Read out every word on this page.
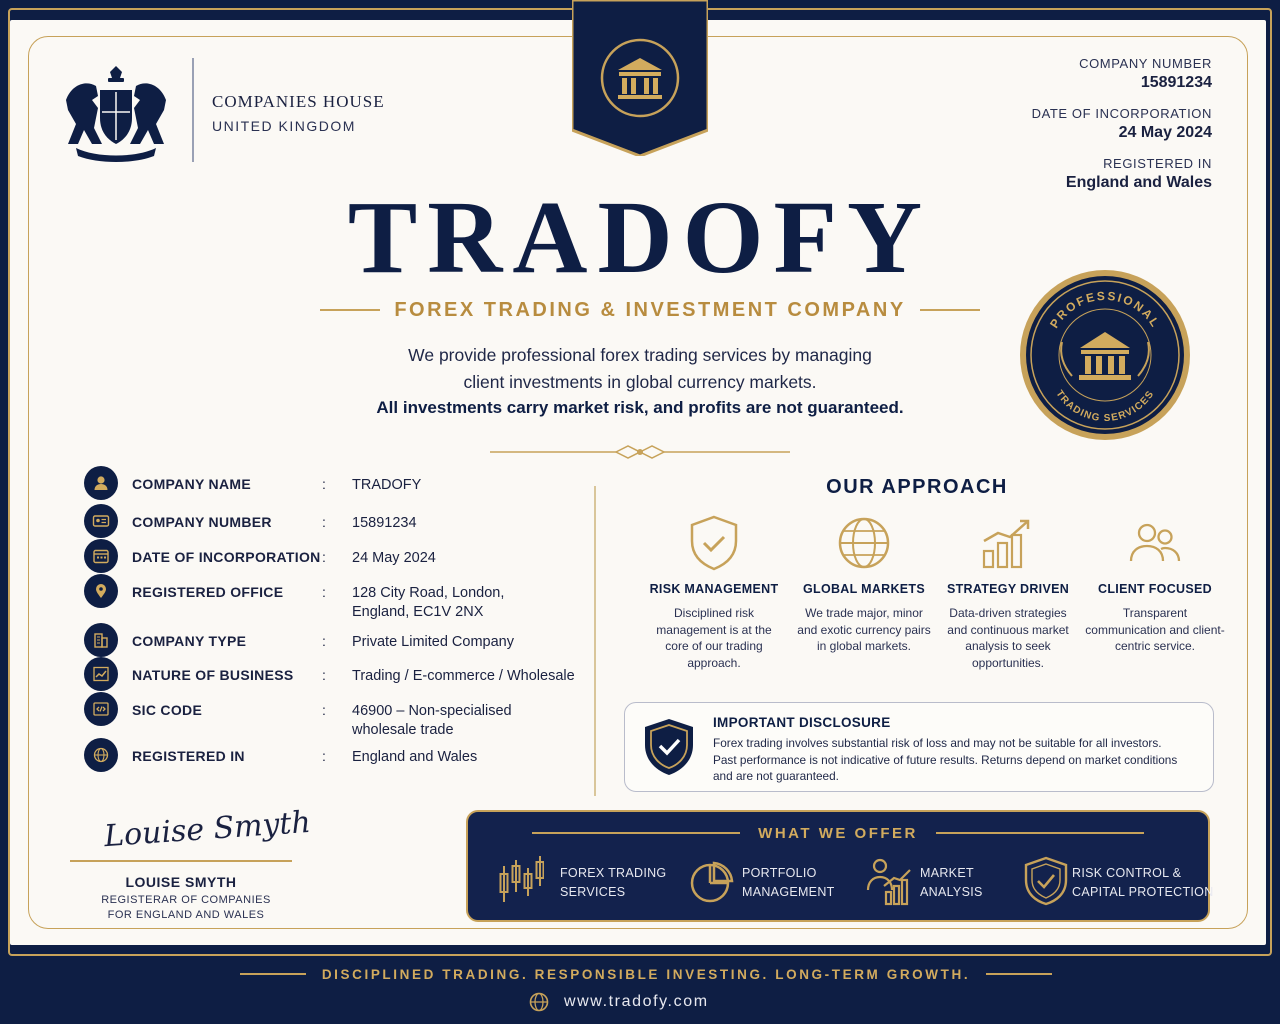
COMPANIES HOUSE
UNITED KINGDOM
COMPANY NUMBER
15891234
DATE OF INCORPORATION
24 May 2024
REGISTERED IN
England and Wales
TRADOFY
FOREX TRADING & INVESTMENT COMPANY
We provide professional forex trading services by managing
client investments in global currency markets.
All investments carry market risk, and profits are not guaranteed.
PROFESSIONAL
TRADING SERVICES
COMPANY NAME	: TRADOFY
COMPANY NUMBER	: 15891234
DATE OF INCORPORATION : 24 May 2024
REGISTERED OFFICE	: 128 City Road, London, England, EC1V 2NX
COMPANY TYPE	: Private Limited Company
NATURE OF BUSINESS : Trading / E-commerce / Wholesale
SIC CODE	: 46900 – Non-specialised wholesale trade
REGISTERED IN	: England and Wales
OUR APPROACH
RISK MANAGEMENT
Disciplined risk management is at the core of our trading approach.
GLOBAL MARKETS
We trade major, minor and exotic currency pairs in global markets.
STRATEGY DRIVEN
Data-driven strategies and continuous market analysis to seek opportunities.
CLIENT FOCUSED
Transparent communication and client-centric service.
IMPORTANT DISCLOSURE
Forex trading involves substantial risk of loss and may not be suitable for all investors. Past performance is not indicative of future results. Returns depend on market conditions and are not guaranteed.
WHAT WE OFFER
FOREX TRADING
SERVICES
PORTFOLIO
MANAGEMENT
MARKET
ANALYSIS
RISK CONTROL &
CAPITAL PROTECTION
Louise Smyth
LOUISE SMYTH
REGISTERAR OF COMPANIES
FOR ENGLAND AND WALES
DISCIPLINED TRADING. RESPONSIBLE INVESTING. LONG-TERM GROWTH.
www.tradofy.com
